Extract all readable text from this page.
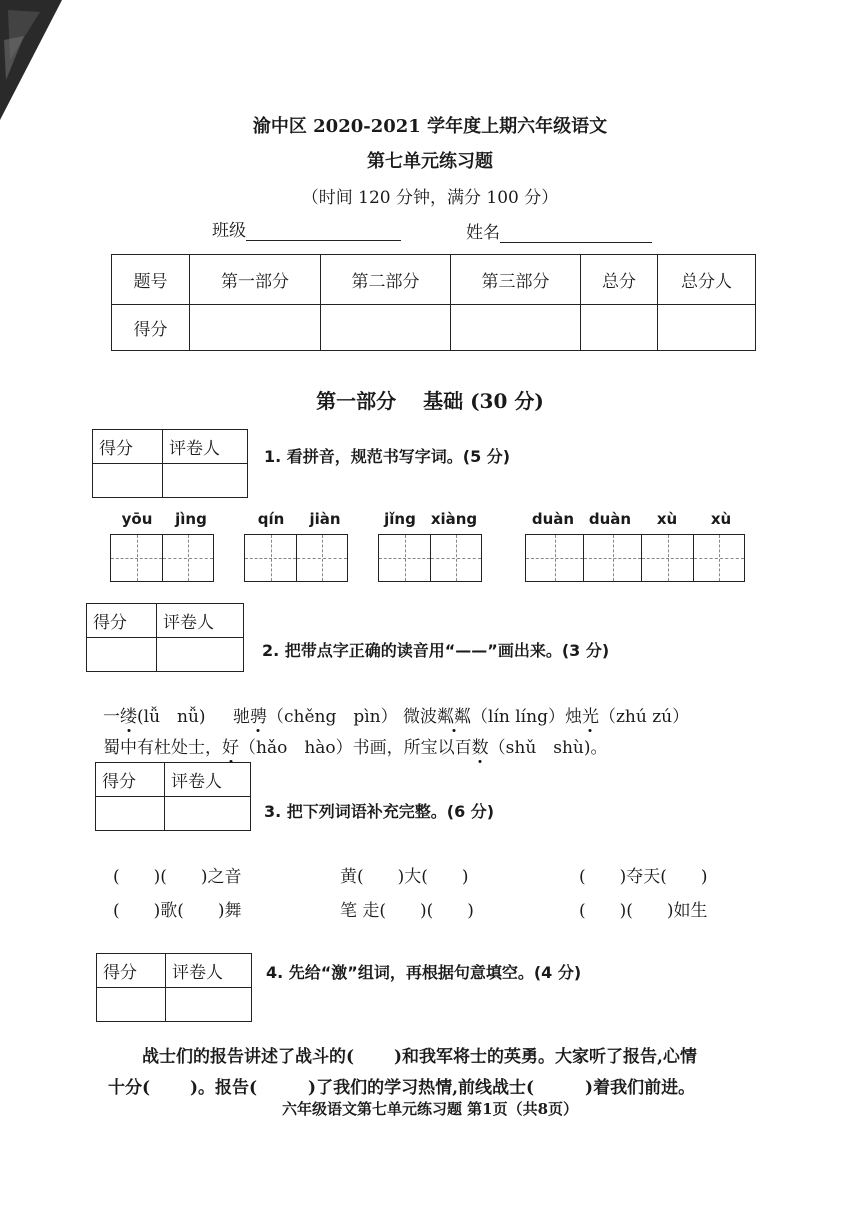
渝中区 2020-2021 学年度上期六年级语文
第七单元练习题
（时间 120 分钟，满分 100 分）
班级	姓名
题号	第一部分	第二部分	第三部分	总分	总分人
得分					
第一部分　 基础 (30 分)
得分	评卷人
		1. 看拼音，规范书写字词。(5 分)
yōu	jìng	qín	jiàn	jǐng xiàng	duàn duàn	xù	xù
得分	评卷人

2. 把带点字正确的读音用“——”画出来。(3 分)
一缕(lǚ　nǚ) 驰骋（chěng　pìn） 微波粼粼（lín líng）烛光（zhú zú）
蜀中有杜处士，好（hǎo　hào）书画，所宝以百数（shǔ　shù)。
得分	评卷人

3. 把下列词语补充完整。(6 分)
(　　)(　　)之音	黄(　　)大(　　)	(　　)夺天(　　)
(　　)歌(　　)舞	笔 走(　　)(　　)	(　　)(　　)如生
得分	评卷人
		4. 先给“激”组词，再根据句意填空。(4 分)
战士们的报告讲述了战斗的(　　 )和我军将士的英勇。大家听了报告,心情
十分(　　 )。报告(　　　)了我们的学习热情,前线战士(　　　)着我们前进。
六年级语文第七单元练习题 第1页（共8页）
